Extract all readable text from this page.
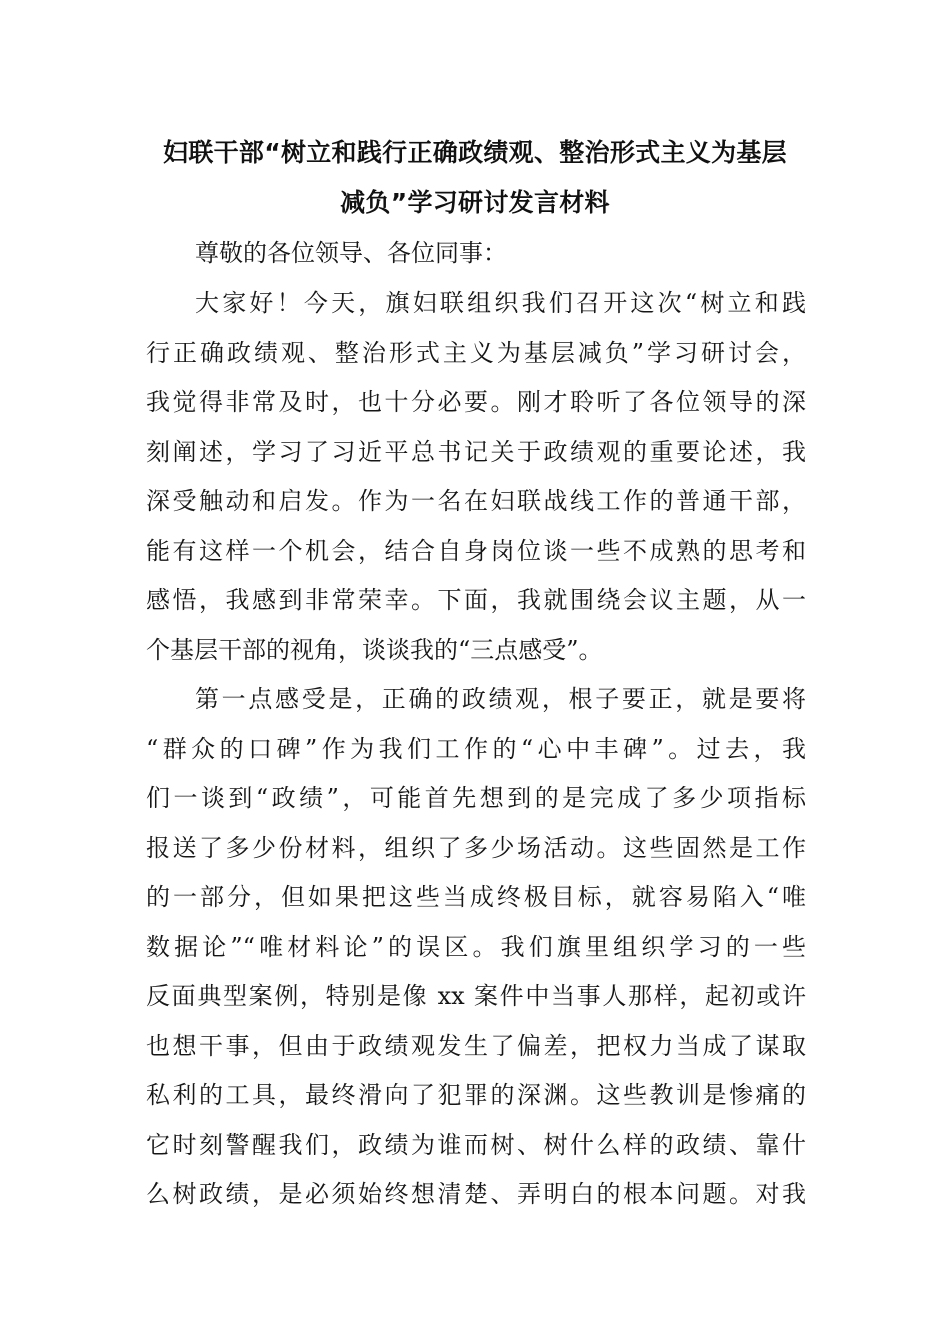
妇联干部“树立和践行正确政绩观、整治形式主义为基层
减负”学习研讨发言材料
尊敬的各位领导、各位同事：
大家好！今天，旗妇联组织我们召开这次“树立和践
行正确政绩观、整治形式主义为基层减负”学习研讨会，
我觉得非常及时，也十分必要。刚才聆听了各位领导的深
刻阐述，学习了习近平总书记关于政绩观的重要论述，我
深受触动和启发。作为一名在妇联战线工作的普通干部，
能有这样一个机会，结合自身岗位谈一些不成熟的思考和
感悟，我感到非常荣幸。下面，我就围绕会议主题，从一
个基层干部的视角，谈谈我的“三点感受”。
第一点感受是，正确的政绩观，根子要正，就是要将
“群众的口碑”作为我们工作的“心中丰碑”。过去，我
们一谈到“政绩”，可能首先想到的是完成了多少项指标
报送了多少份材料，组织了多少场活动。这些固然是工作
的一部分，但如果把这些当成终极目标，就容易陷入“唯
数据论”“唯材料论”的误区。我们旗里组织学习的一些
反面典型案例，特别是像 xx 案件中当事人那样，起初或许
也想干事，但由于政绩观发生了偏差，把权力当成了谋取
私利的工具，最终滑向了犯罪的深渊。这些教训是惨痛的
它时刻警醒我们，政绩为谁而树、树什么样的政绩、靠什
么树政绩，是必须始终想清楚、弄明白的根本问题。对我
